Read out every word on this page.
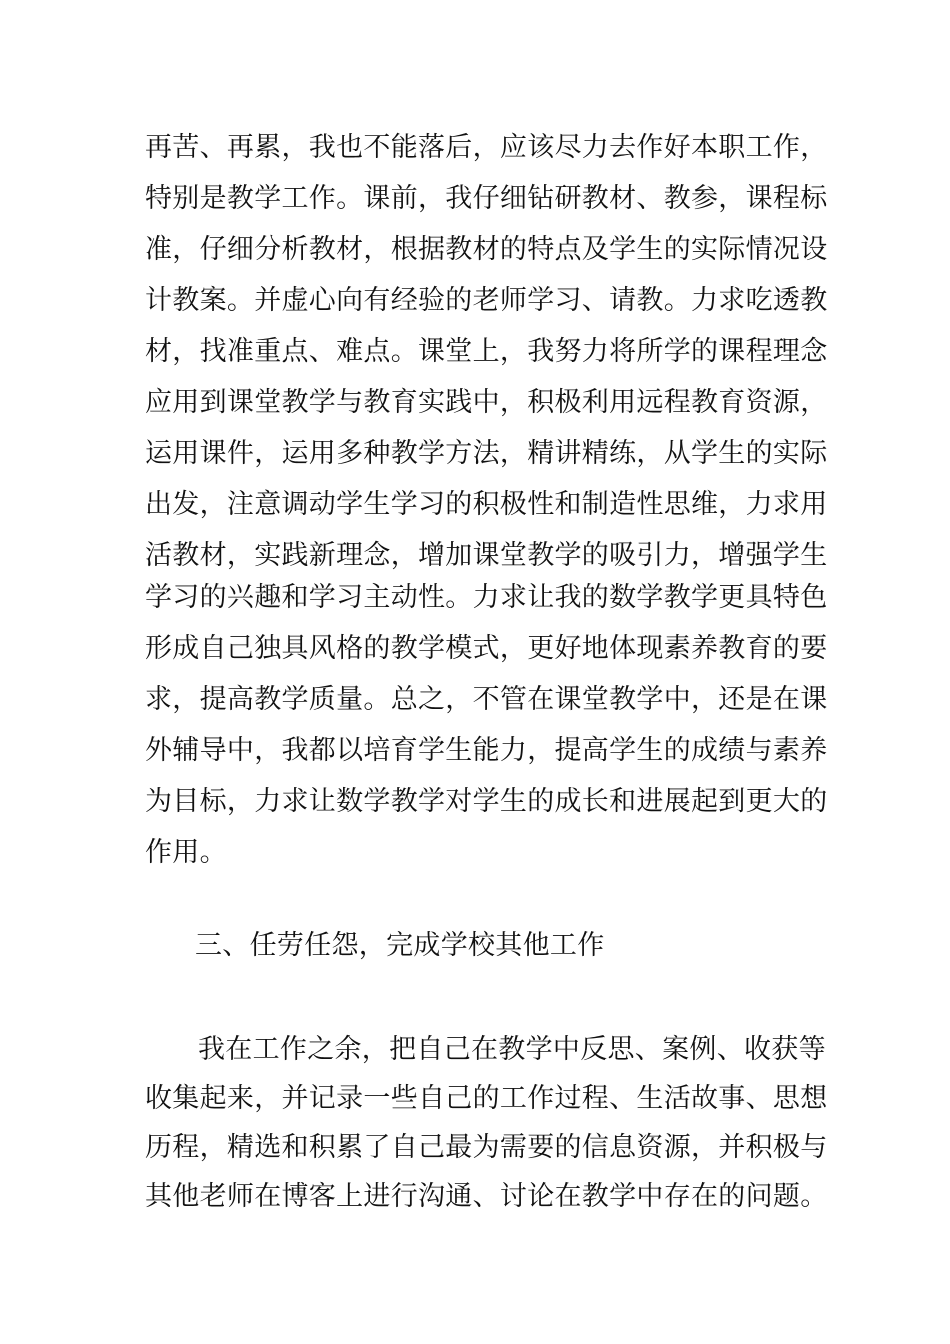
再苦、再累，我也不能落后，应该尽力去作好本职工作，
特别是教学工作。课前，我仔细钻研教材、教参，课程标
准，仔细分析教材，根据教材的特点及学生的实际情况设
计教案。并虚心向有经验的老师学习、请教。力求吃透教
材，找准重点、难点。课堂上，我努力将所学的课程理念
应用到课堂教学与教育实践中，积极利用远程教育资源，
运用课件，运用多种教学方法，精讲精练，从学生的实际
出发，注意调动学生学习的积极性和制造性思维，力求用
活教材，实践新理念，增加课堂教学的吸引力，增强学生
学习的兴趣和学习主动性。力求让我的数学教学更具特色
形成自己独具风格的教学模式，更好地体现素养教育的要
求，提高教学质量。总之，不管在课堂教学中，还是在课
外辅导中，我都以培育学生能力，提高学生的成绩与素养
为目标，力求让数学教学对学生的成长和进展起到更大的
作用。
三、任劳任怨，完成学校其他工作
我在工作之余，把自己在教学中反思、案例、收获等
收集起来，并记录一些自己的工作过程、生活故事、思想
历程，精选和积累了自己最为需要的信息资源，并积极与
其他老师在博客上进行沟通、讨论在教学中存在的问题。
